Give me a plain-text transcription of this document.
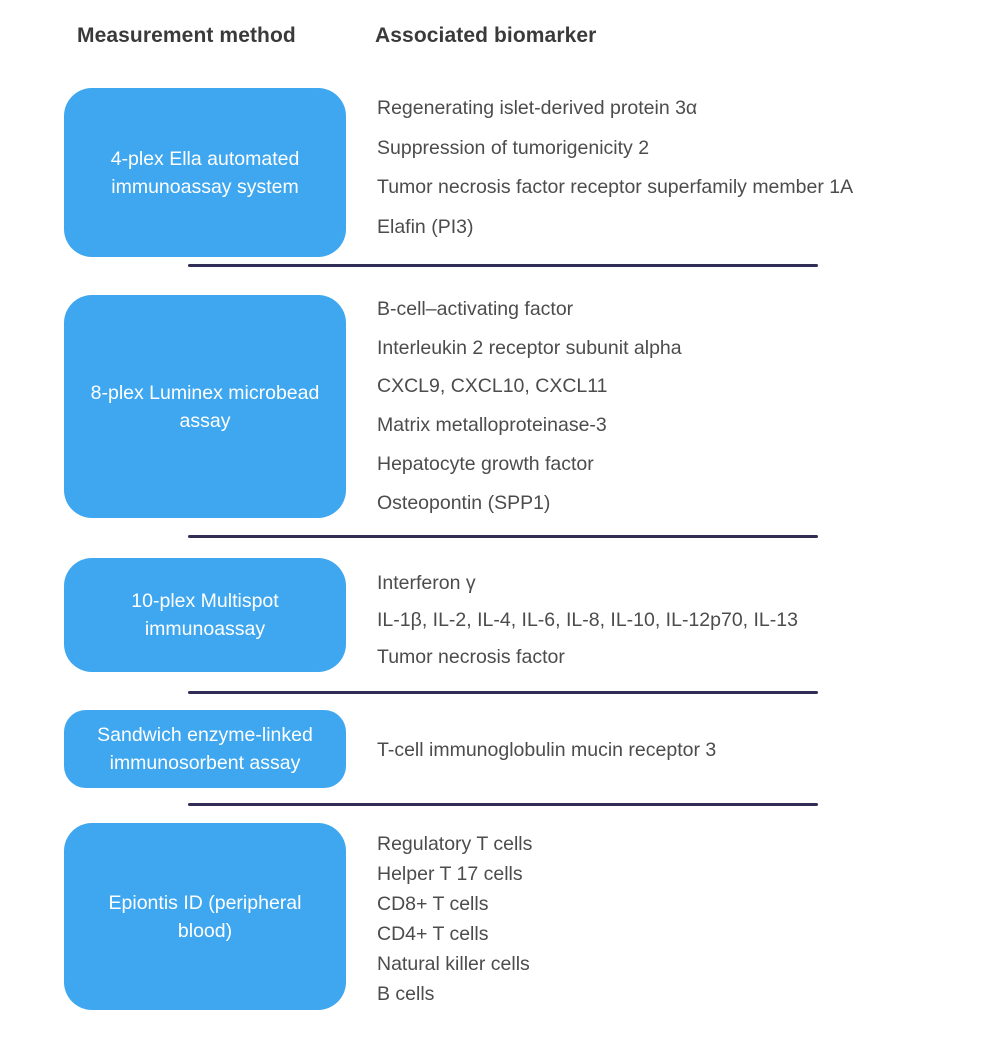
Measurement method	Associated biomarker
4-plex Ella automated immunoassay system
Regenerating islet-derived protein 3α
Suppression of tumorigenicity 2
Tumor necrosis factor receptor superfamily member 1A
Elafin (PI3)
8-plex Luminex microbead assay
B-cell–activating factor
Interleukin 2 receptor subunit alpha
CXCL9, CXCL10, CXCL11
Matrix metalloproteinase-3
Hepatocyte growth factor
Osteopontin (SPP1)
10-plex Multispot immunoassay
Interferon γ
IL-1β, IL-2, IL-4, IL-6, IL-8, IL-10, IL-12p70, IL-13
Tumor necrosis factor
Sandwich enzyme-linked immunosorbent assay
T-cell immunoglobulin mucin receptor 3
Epiontis ID (peripheral blood)
Regulatory T cells
Helper T 17 cells
CD8+ T cells
CD4+ T cells
Natural killer cells
B cells
